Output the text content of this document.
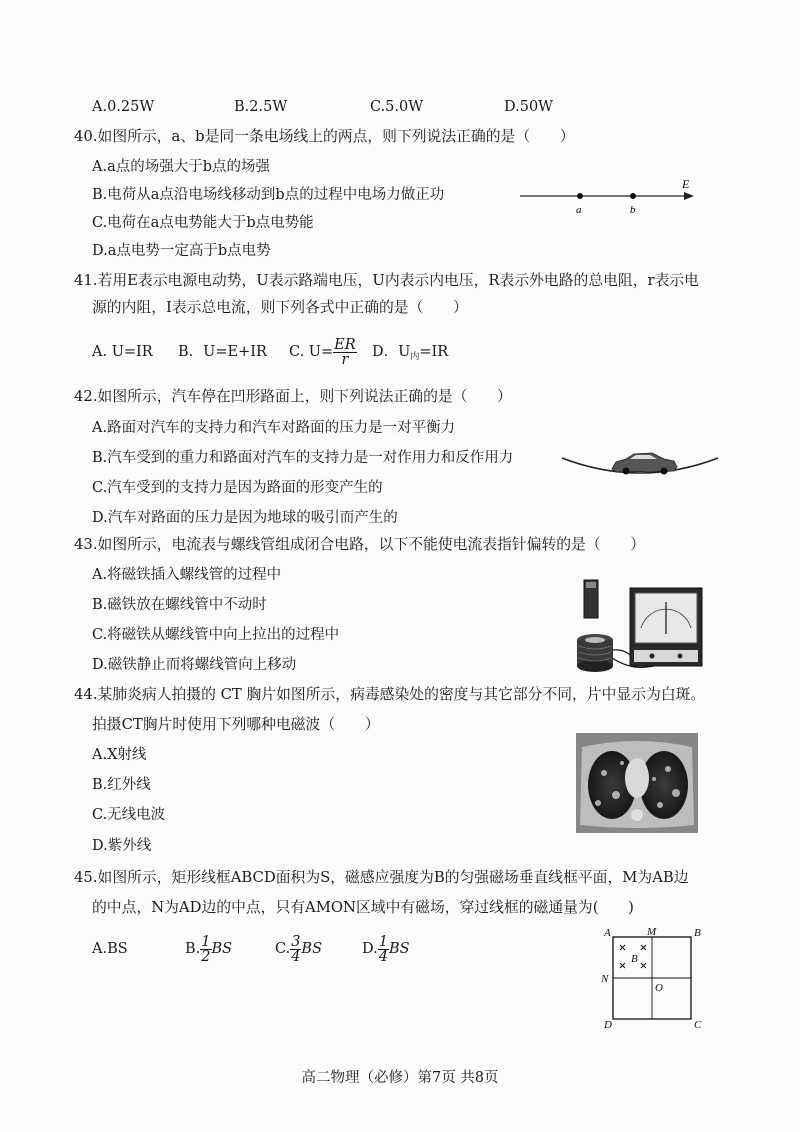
A.0.25W	B.2.5W	C.5.0W	D.50W
40.如图所示，a、b是同一条电场线上的两点，则下列说法正确的是（　　）
A.a点的场强大于b点的场强
B.电荷从a点沿电场线移动到b点的过程中电场力做正功
C.电荷在a点电势能大于b点电势能
D.a点电势一定高于b点电势
E
a	b
41.若用E表示电源电动势，U表示路端电压，U内表示内电压，R表示外电路的总电阻，r表示电
源的内阻，I表示总电流，则下列各式中正确的是（　　）
A. U=IR B．U=E+IR C. $U= \frac{ER}{r}$ D．$U_内=IR$
42.如图所示，汽车停在凹形路面上，则下列说法正确的是（　　）
A.路面对汽车的支持力和汽车对路面的压力是一对平衡力
B.汽车受到的重力和路面对汽车的支持力是一对作用力和反作用力
C.汽车受到的支持力是因为路面的形变产生的
D.汽车对路面的压力是因为地球的吸引而产生的
43.如图所示，电流表与螺线管组成闭合电路，以下不能使电流表指针偏转的是（　　）
A.将磁铁插入螺线管的过程中
B.磁铁放在螺线管中不动时
C.将磁铁从螺线管中向上拉出的过程中
D.磁铁静止而将螺线管向上移动
44.某肺炎病人拍摄的 CT 胸片如图所示，病毒感染处的密度与其它部分不同，片中显示为白斑。
拍摄CT胸片时使用下列哪种电磁波（　　）
A.X射线
B.红外线
C.无线电波
D.紫外线
45.如图所示，矩形线框ABCD面积为S，磁感应强度为B的匀强磁场垂直线框平面，M为AB边
的中点，N为AD边的中点，只有AMON区域中有磁场，穿过线框的磁通量为(　　)
A.BS	B. $\frac{1}{2}$ BS	C. $\frac{3}{4}$ BS	D. $\frac{1}{4}$ BS
A	M	B
N
O
D	C
B
高二物理（必修）第7页 共8页
